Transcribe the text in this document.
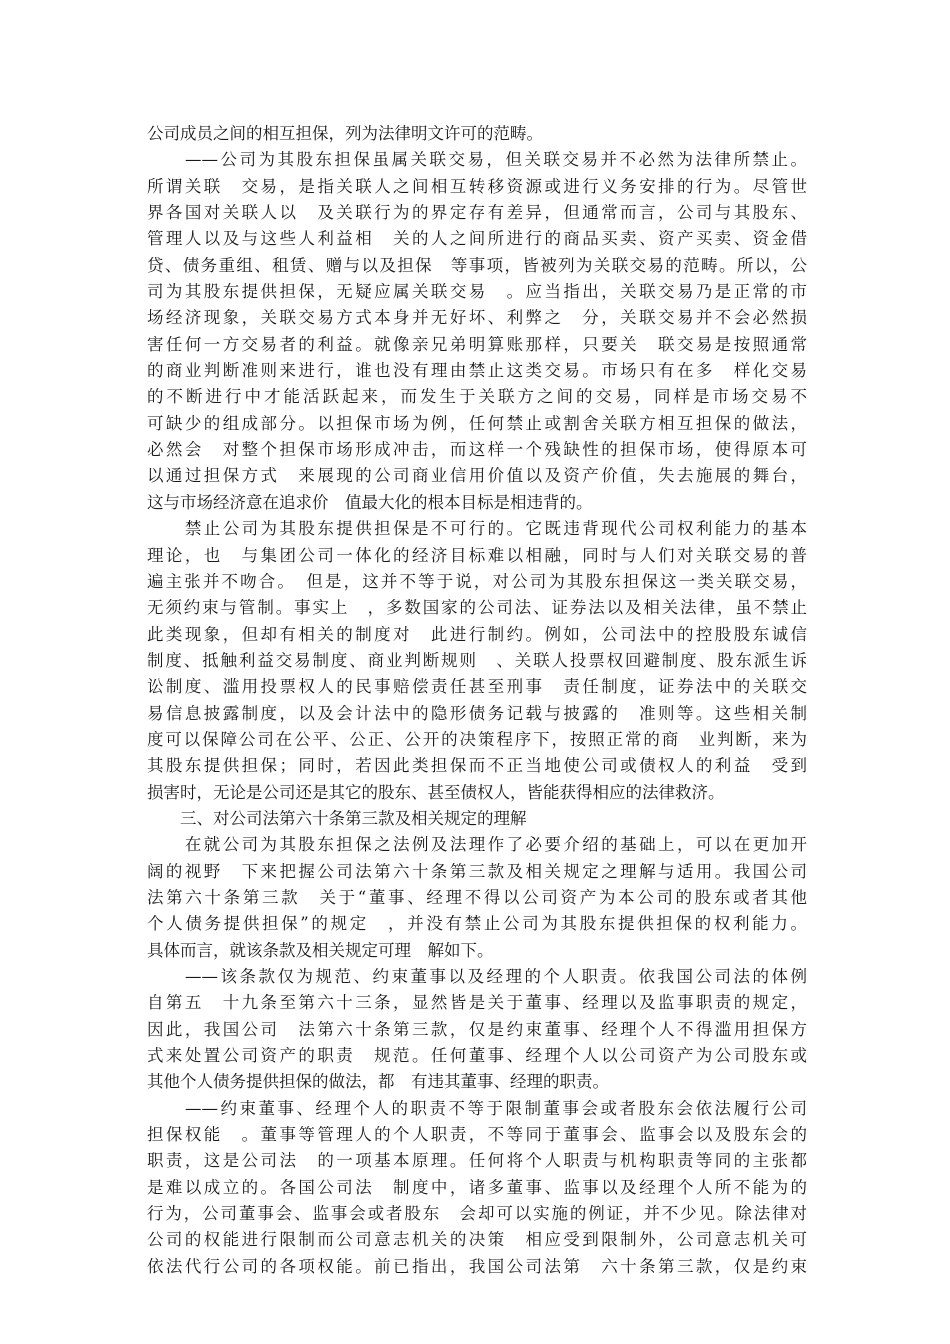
公司成员之间的相互担保，列为法律明文许可的范畴。
　　——公司为其股东担保虽属关联交易，但关联交易并不必然为法律所禁止。
所谓关联　交易，是指关联人之间相互转移资源或进行义务安排的行为。尽管世
界各国对关联人以　及关联行为的界定存有差异，但通常而言，公司与其股东、
管理人以及与这些人利益相　关的人之间所进行的商品买卖、资产买卖、资金借
贷、债务重组、租赁、赠与以及担保　等事项，皆被列为关联交易的范畴。所以，公
司为其股东提供担保，无疑应属关联交易　。应当指出，关联交易乃是正常的市
场经济现象，关联交易方式本身并无好坏、利弊之　分，关联交易并不会必然损
害任何一方交易者的利益。就像亲兄弟明算账那样，只要关　联交易是按照通常
的商业判断准则来进行，谁也没有理由禁止这类交易。市场只有在多　样化交易
的不断进行中才能活跃起来，而发生于关联方之间的交易，同样是市场交易不
可缺少的组成部分。以担保市场为例，任何禁止或割舍关联方相互担保的做法，
必然会　对整个担保市场形成冲击，而这样一个残缺性的担保市场，使得原本可
以通过担保方式　来展现的公司商业信用价值以及资产价值，失去施展的舞台，
这与市场经济意在追求价　值最大化的根本目标是相违背的。
　　禁止公司为其股东提供担保是不可行的。它既违背现代公司权利能力的基本
理论，也　与集团公司一体化的经济目标难以相融，同时与人们对关联交易的普
遍主张并不吻合。　但是，这并不等于说，对公司为其股东担保这一类关联交易，
无须约束与管制。事实上　，多数国家的公司法、证券法以及相关法律，虽不禁止
此类现象，但却有相关的制度对　此进行制约。例如，公司法中的控股股东诚信
制度、抵触利益交易制度、商业判断规则　、关联人投票权回避制度、股东派生诉
讼制度、滥用投票权人的民事赔偿责任甚至刑事　责任制度，证券法中的关联交
易信息披露制度，以及会计法中的隐形债务记载与披露的　准则等。这些相关制
度可以保障公司在公平、公正、公开的决策程序下，按照正常的商　业判断，来为
其股东提供担保；同时，若因此类担保而不正当地使公司或债权人的利益　受到
损害时，无论是公司还是其它的股东、甚至债权人，皆能获得相应的法律救济。
　　三、对公司法第六十条第三款及相关规定的理解
　　在就公司为其股东担保之法例及法理作了必要介绍的基础上，可以在更加开
阔的视野　下来把握公司法第六十条第三款及相关规定之理解与适用。我国公司
法第六十条第三款　关于“董事、经理不得以公司资产为本公司的股东或者其他
个人债务提供担保”的规定　，并没有禁止公司为其股东提供担保的权利能力。
具体而言，就该条款及相关规定可理　解如下。
　　——该条款仅为规范、约束董事以及经理的个人职责。依我国公司法的体例
自第五　十九条至第六十三条，显然皆是关于董事、经理以及监事职责的规定，
因此，我国公司　法第六十条第三款，仅是约束董事、经理个人不得滥用担保方
式来处置公司资产的职责　规范。任何董事、经理个人以公司资产为公司股东或
其他个人债务提供担保的做法，都　有违其董事、经理的职责。
　　——约束董事、经理个人的职责不等于限制董事会或者股东会依法履行公司
担保权能　。董事等管理人的个人职责，不等同于董事会、监事会以及股东会的
职责，这是公司法　的一项基本原理。任何将个人职责与机构职责等同的主张都
是难以成立的。各国公司法　制度中，诸多董事、监事以及经理个人所不能为的
行为，公司董事会、监事会或者股东　会却可以实施的例证，并不少见。除法律对
公司的权能进行限制而公司意志机关的决策　相应受到限制外，公司意志机关可
依法代行公司的各项权能。前已指出，我国公司法第　六十条第三款，仅是约束
